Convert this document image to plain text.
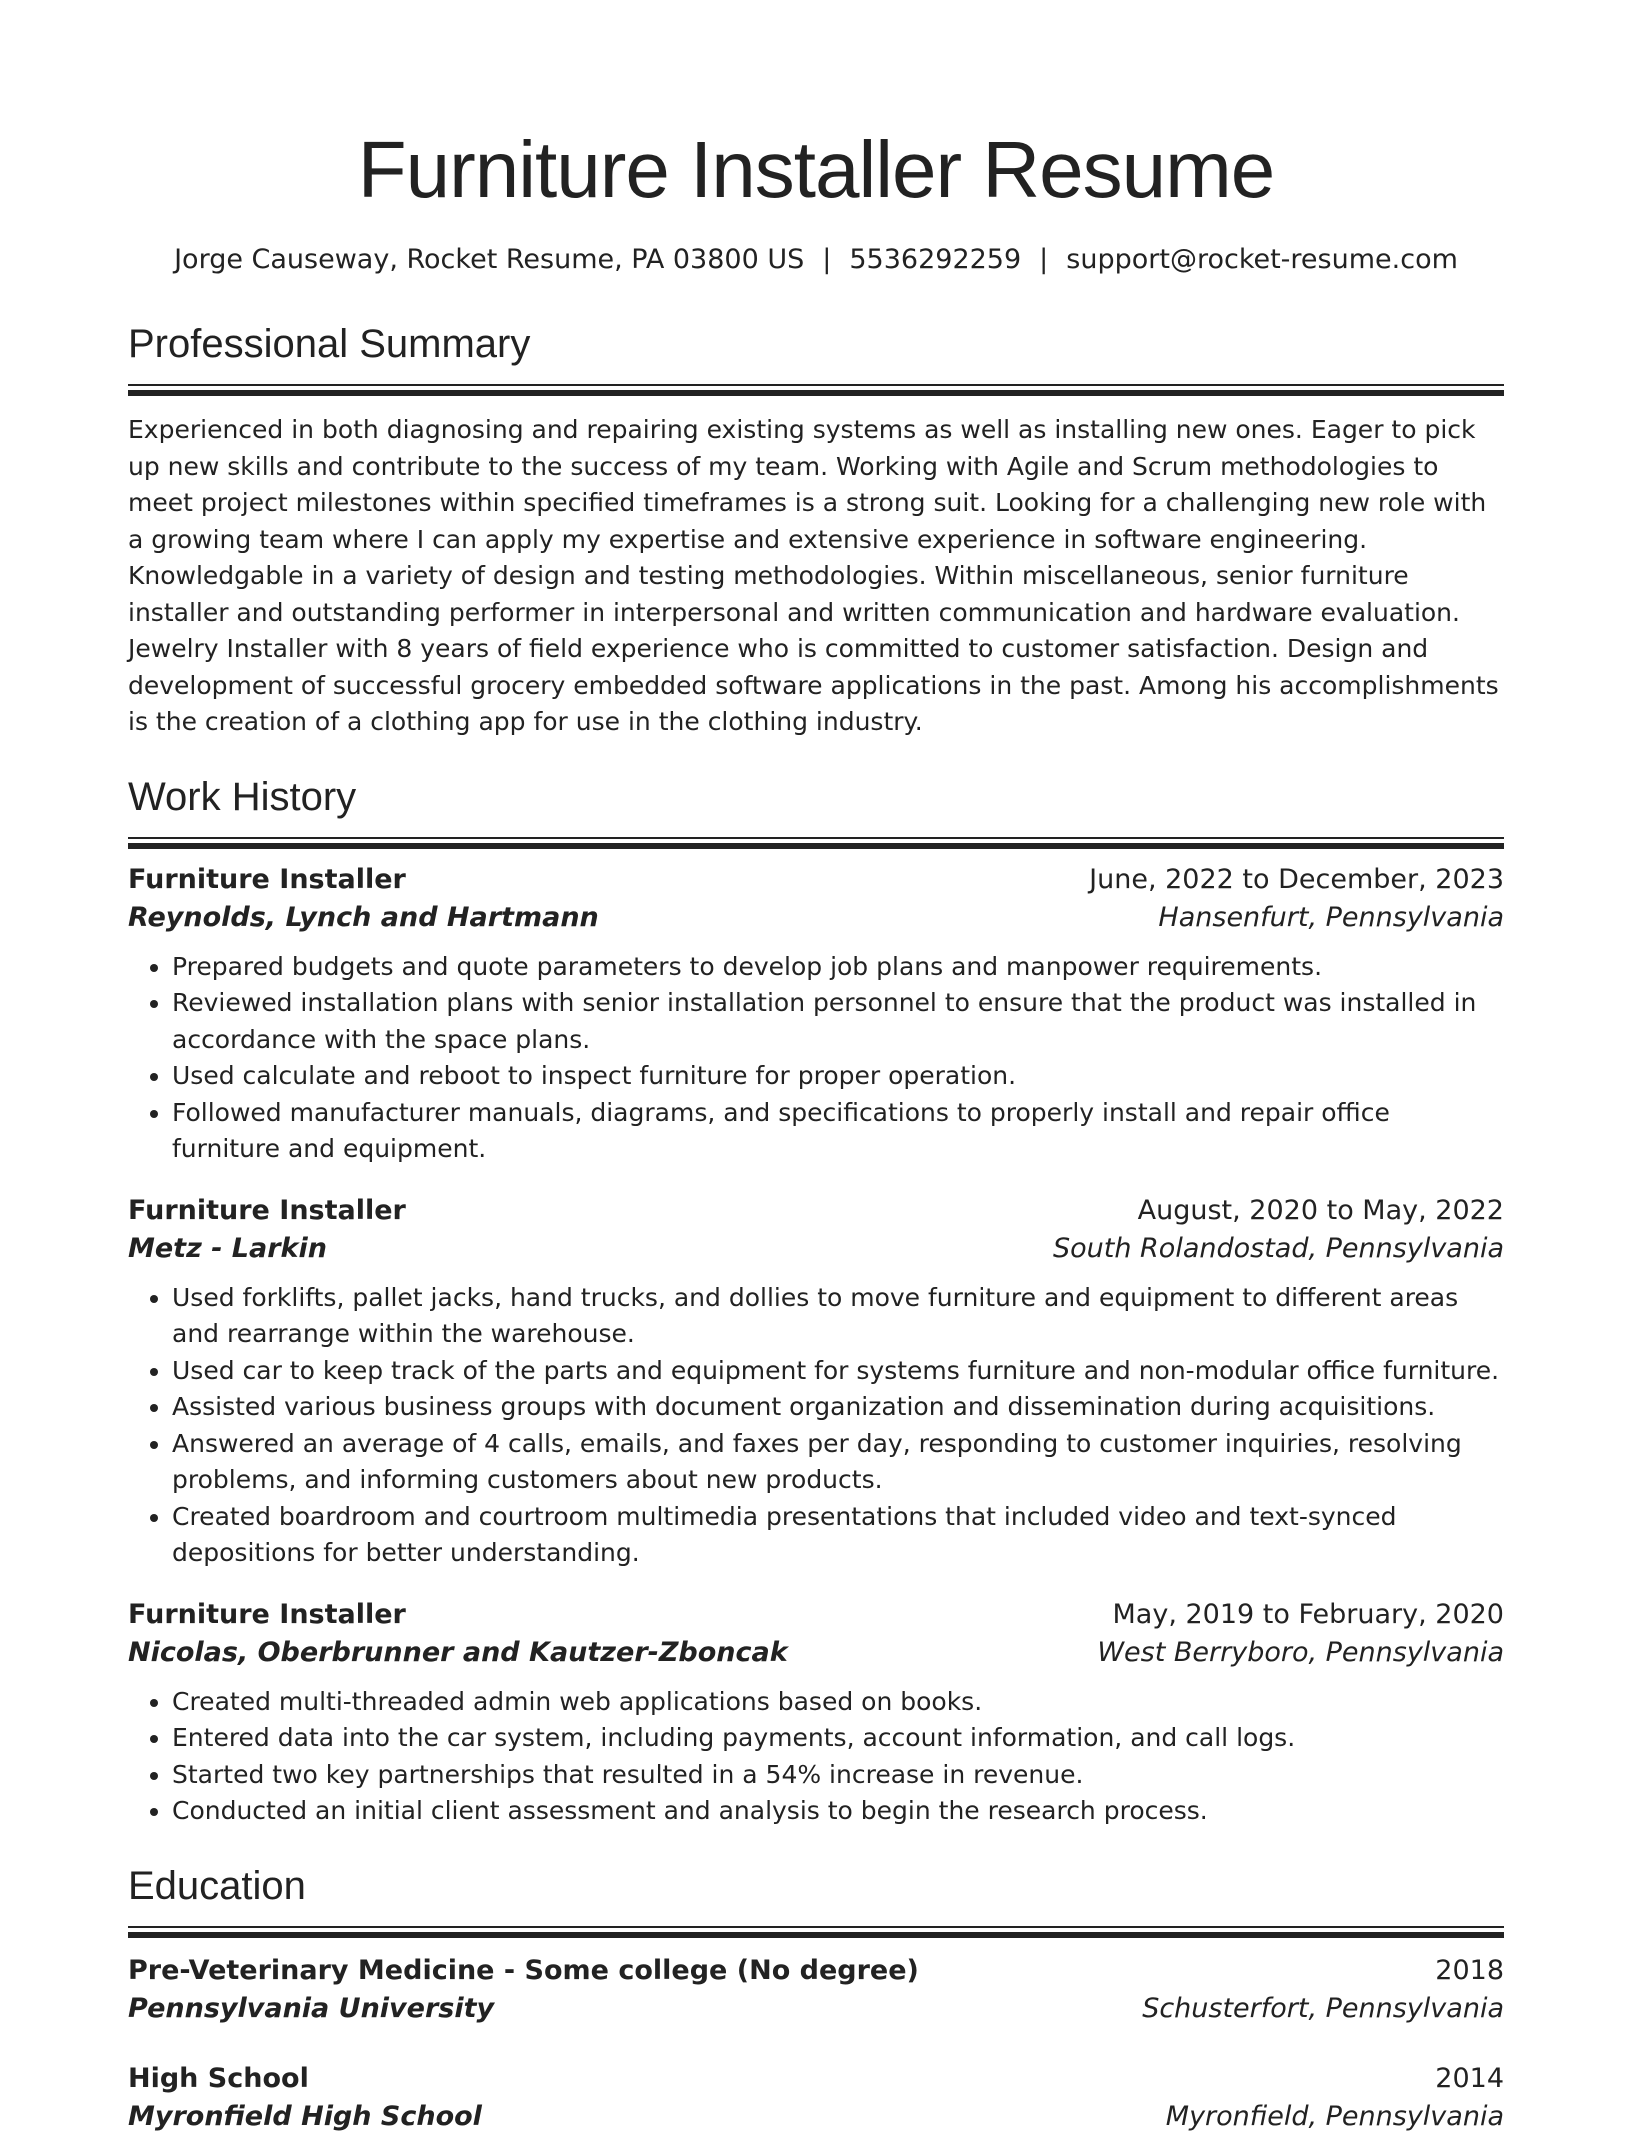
Furniture Installer Resume
Jorge Causeway, Rocket Resume, PA 03800 US | 5536292259 | support@rocket-resume.com
Professional Summary

Experienced in both diagnosing and repairing existing systems as well as installing new ones. Eager to pick up new skills and contribute to the success of my team. Working with Agile and Scrum methodologies to meet project milestones within specified timeframes is a strong suit. Looking for a challenging new role with a growing team where I can apply my expertise and extensive experience in software engineering. Knowledgable in a variety of design and testing methodologies. Within miscellaneous, senior furniture installer and outstanding performer in interpersonal and written communication and hardware evaluation. Jewelry Installer with 8 years of field experience who is committed to customer satisfaction. Design and development of successful grocery embedded software applications in the past. Among his accomplishments is the creation of a clothing app for use in the clothing industry.

Work History
Furniture Installer	June, 2022 to December, 2023
Reynolds, Lynch and Hartmann	Hansenfurt, Pennsylvania
• Prepared budgets and quote parameters to develop job plans and manpower requirements.
• Reviewed installation plans with senior installation personnel to ensure that the product was installed in accordance with the space plans.
• Used calculate and reboot to inspect furniture for proper operation.
• Followed manufacturer manuals, diagrams, and specifications to properly install and repair office furniture and equipment.
Furniture Installer	August, 2020 to May, 2022
Metz - Larkin	South Rolandostad, Pennsylvania
• Used forklifts, pallet jacks, hand trucks, and dollies to move furniture and equipment to different areas and rearrange within the warehouse.
• Used car to keep track of the parts and equipment for systems furniture and non-modular office furniture.
• Assisted various business groups with document organization and dissemination during acquisitions.
• Answered an average of 4 calls, emails, and faxes per day, responding to customer inquiries, resolving problems, and informing customers about new products.
• Created boardroom and courtroom multimedia presentations that included video and text-synced depositions for better understanding.
Furniture Installer	May, 2019 to February, 2020
Nicolas, Oberbrunner and Kautzer-Zboncak	West Berryboro, Pennsylvania
• Created multi-threaded admin web applications based on books.
• Entered data into the car system, including payments, account information, and call logs.
• Started two key partnerships that resulted in a 54% increase in revenue.
• Conducted an initial client assessment and analysis to begin the research process.
Education
Pre-Veterinary Medicine - Some college (No degree)	2018
Pennsylvania University	Schusterfort, Pennsylvania
High School	2014
Myronfield High School	Myronfield, Pennsylvania
